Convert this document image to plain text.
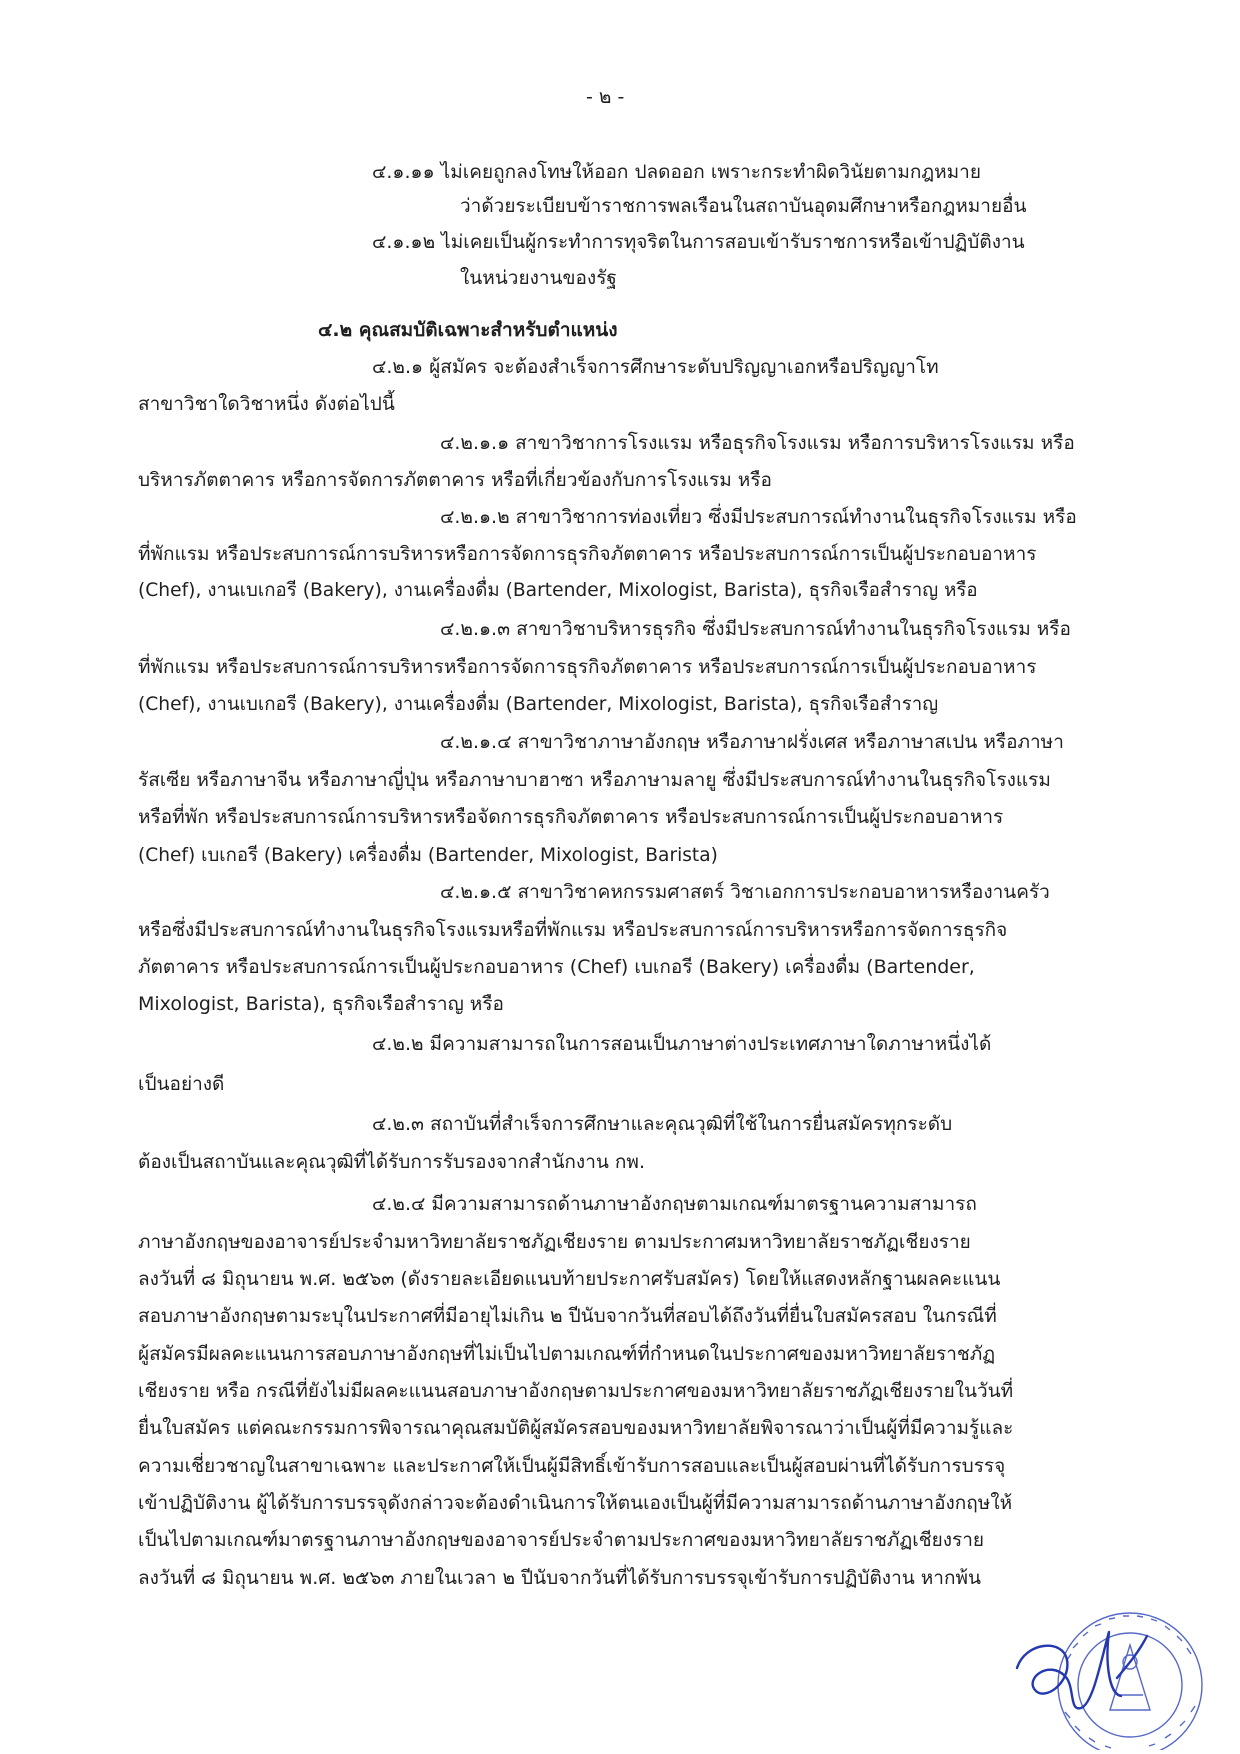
- ๒ -
๔.๑.๑๑ ไม่เคยถูกลงโทษให้ออก ปลดออก เพราะกระทำผิดวินัยตามกฎหมาย
ว่าด้วยระเบียบข้าราชการพลเรือนในสถาบันอุดมศึกษาหรือกฎหมายอื่น
๔.๑.๑๒ ไม่เคยเป็นผู้กระทำการทุจริตในการสอบเข้ารับราชการหรือเข้าปฏิบัติงาน
ในหน่วยงานของรัฐ
๔.๒ คุณสมบัติเฉพาะสำหรับตำแหน่ง
๔.๒.๑ ผู้สมัคร จะต้องสำเร็จการศึกษาระดับปริญญาเอกหรือปริญญาโท
สาขาวิชาใดวิชาหนึ่ง ดังต่อไปนี้
๔.๒.๑.๑ สาขาวิชาการโรงแรม หรือธุรกิจโรงแรม หรือการบริหารโรงแรม หรือ
บริหารภัตตาคาร หรือการจัดการภัตตาคาร หรือที่เกี่ยวข้องกับการโรงแรม หรือ
๔.๒.๑.๒ สาขาวิชาการท่องเที่ยว ซึ่งมีประสบการณ์ทำงานในธุรกิจโรงแรม หรือ
ที่พักแรม หรือประสบการณ์การบริหารหรือการจัดการธุรกิจภัตตาคาร หรือประสบการณ์การเป็นผู้ประกอบอาหาร
(Chef), งานเบเกอรี (Bakery), งานเครื่องดื่ม (Bartender, Mixologist, Barista), ธุรกิจเรือสำราญ หรือ
๔.๒.๑.๓ สาขาวิชาบริหารธุรกิจ ซึ่งมีประสบการณ์ทำงานในธุรกิจโรงแรม หรือ
ที่พักแรม หรือประสบการณ์การบริหารหรือการจัดการธุรกิจภัตตาคาร หรือประสบการณ์การเป็นผู้ประกอบอาหาร
(Chef), งานเบเกอรี (Bakery), งานเครื่องดื่ม (Bartender, Mixologist, Barista), ธุรกิจเรือสำราญ
๔.๒.๑.๔ สาขาวิชาภาษาอังกฤษ หรือภาษาฝรั่งเศส หรือภาษาสเปน หรือภาษา
รัสเซีย หรือภาษาจีน หรือภาษาญี่ปุ่น หรือภาษาบาฮาซา หรือภาษามลายู ซึ่งมีประสบการณ์ทำงานในธุรกิจโรงแรม
หรือที่พัก หรือประสบการณ์การบริหารหรือจัดการธุรกิจภัตตาคาร หรือประสบการณ์การเป็นผู้ประกอบอาหาร
(Chef) เบเกอรี (Bakery) เครื่องดื่ม (Bartender, Mixologist, Barista)
๔.๒.๑.๕ สาขาวิชาคหกรรมศาสตร์ วิชาเอกการประกอบอาหารหรืองานครัว
หรือซึ่งมีประสบการณ์ทำงานในธุรกิจโรงแรมหรือที่พักแรม หรือประสบการณ์การบริหารหรือการจัดการธุรกิจ
ภัตตาคาร หรือประสบการณ์การเป็นผู้ประกอบอาหาร (Chef) เบเกอรี (Bakery) เครื่องดื่ม (Bartender,
Mixologist, Barista), ธุรกิจเรือสำราญ หรือ
๔.๒.๒ มีความสามารถในการสอนเป็นภาษาต่างประเทศภาษาใดภาษาหนึ่งได้
เป็นอย่างดี
๔.๒.๓ สถาบันที่สำเร็จการศึกษาและคุณวุฒิที่ใช้ในการยื่นสมัครทุกระดับ
ต้องเป็นสถาบันและคุณวุฒิที่ได้รับการรับรองจากสำนักงาน กพ.
๔.๒.๔ มีความสามารถด้านภาษาอังกฤษตามเกณฑ์มาตรฐานความสามารถ
ภาษาอังกฤษของอาจารย์ประจำมหาวิทยาลัยราชภัฏเชียงราย ตามประกาศมหาวิทยาลัยราชภัฏเชียงราย
ลงวันที่ ๘ มิถุนายน พ.ศ. ๒๕๖๓ (ดังรายละเอียดแนบท้ายประกาศรับสมัคร) โดยให้แสดงหลักฐานผลคะแนน
สอบภาษาอังกฤษตามระบุในประกาศที่มีอายุไม่เกิน ๒ ปีนับจากวันที่สอบได้ถึงวันที่ยื่นใบสมัครสอบ ในกรณีที่
ผู้สมัครมีผลคะแนนการสอบภาษาอังกฤษที่ไม่เป็นไปตามเกณฑ์ที่กำหนดในประกาศของมหาวิทยาลัยราชภัฏ
เชียงราย หรือ กรณีที่ยังไม่มีผลคะแนนสอบภาษาอังกฤษตามประกาศของมหาวิทยาลัยราชภัฏเชียงรายในวันที่
ยื่นใบสมัคร แต่คณะกรรมการพิจารณาคุณสมบัติผู้สมัครสอบของมหาวิทยาลัยพิจารณาว่าเป็นผู้ที่มีความรู้และ
ความเชี่ยวชาญในสาขาเฉพาะ และประกาศให้เป็นผู้มีสิทธิ์เข้ารับการสอบและเป็นผู้สอบผ่านที่ได้รับการบรรจุ
เข้าปฏิบัติงาน ผู้ได้รับการบรรจุดังกล่าวจะต้องดำเนินการให้ตนเองเป็นผู้ที่มีความสามารถด้านภาษาอังกฤษให้
เป็นไปตามเกณฑ์มาตรฐานภาษาอังกฤษของอาจารย์ประจำตามประกาศของมหาวิทยาลัยราชภัฏเชียงราย
ลงวันที่ ๘ มิถุนายน พ.ศ. ๒๕๖๓ ภายในเวลา ๒ ปีนับจากวันที่ได้รับการบรรจุเข้ารับการปฏิบัติงาน หากพ้น
